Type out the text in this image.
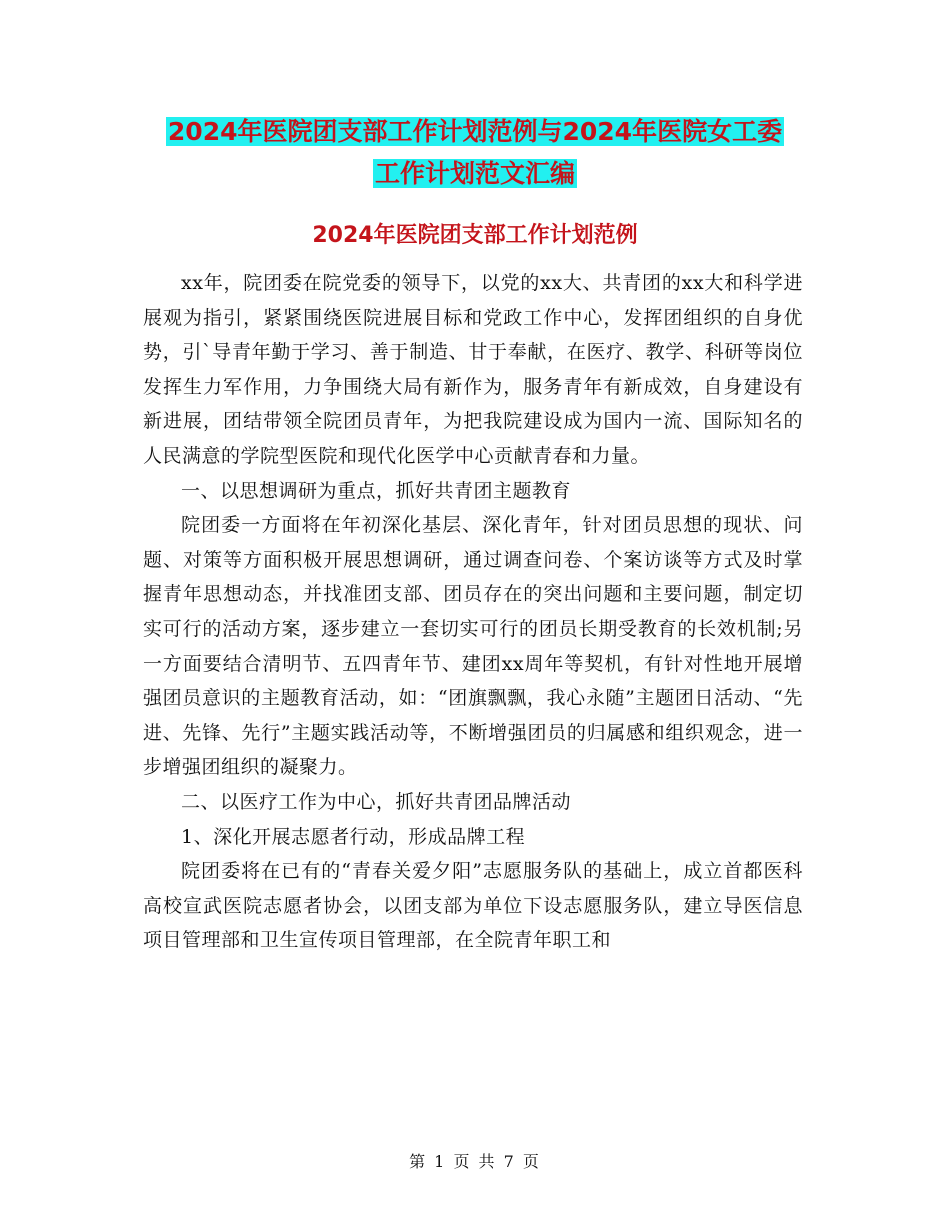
2024年医院团支部工作计划范例与2024年医院女工委
工作计划范文汇编
2024年医院团支部工作计划范例

xx年，院团委在院党委的领导下，以党的xx大、共青团的xx大和科学进展观为指引，紧紧围绕医院进展目标和党政工作中心，发挥团组织的自身优势，引`导青年勤于学习、善于制造、甘于奉献，在医疗、教学、科研等岗位发挥生力军作用，力争围绕大局有新作为，服务青年有新成效，自身建设有新进展，团结带领全院团员青年，为把我院建设成为国内一流、国际知名的人民满意的学院型医院和现代化医学中心贡献青春和力量。

一、以思想调研为重点，抓好共青团主题教育

院团委一方面将在年初深化基层、深化青年，针对团员思想的现状、问题、对策等方面积极开展思想调研，通过调查问卷、个案访谈等方式及时掌握青年思想动态，并找准团支部、团员存在的突出问题和主要问题，制定切实可行的活动方案，逐步建立一套切实可行的团员长期受教育的长效机制;另一方面要结合清明节、五四青年节、建团xx周年等契机，有针对性地开展增强团员意识的主题教育活动，如：“团旗飘飘，我心永随”主题团日活动、“先进、先锋、先行”主题实践活动等，不断增强团员的归属感和组织观念，进一步增强团组织的凝聚力。

二、以医疗工作为中心，抓好共青团品牌活动

1、深化开展志愿者行动，形成品牌工程

院团委将在已有的“青春关爱夕阳”志愿服务队的基础上，成立首都医科高校宣武医院志愿者协会，以团支部为单位下设志愿服务队，建立导医信息项目管理部和卫生宣传项目管理部，在全院青年职工和

第 1 页 共 7 页
